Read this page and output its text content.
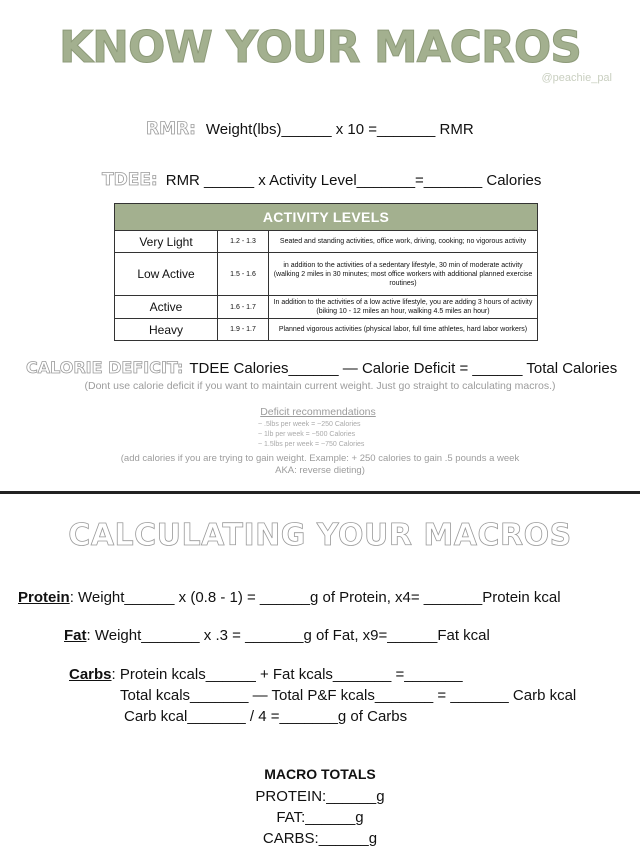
KNOW YOUR MACROS
@peachie_pal
RMR: Weight(lbs)______ x 10 =_______ RMR
TDEE: RMR ______ x Activity Level_______=_______ Calories
ACTIVITY LEVELS		
Very Light	1.2 - 1.3	Seated and standing activities, office work, driving, cooking; no vigorous activity
Low Active	1.5 - 1.6	in addition to the activities of a sedentary lifestyle, 30 min of moderate activity (walking 2 miles in 30 minutes; most office workers with additional planned exercise routines)
Active	1.6 - 1.7	In addition to the activities of a low active lifestyle, you are adding 3 hours of activity (biking 10 - 12 miles an hour, walking 4.5 miles an hour)
Heavy	1.9 - 1.7	Planned vigorous activities (physical labor, full time athletes, hard labor workers)
CALORIE DEFICIT: TDEE Calories______ — Calorie Deficit = ______ Total Calories
(Dont use calorie deficit if you want to maintain current weight. Just go straight to calculating macros.)
Deficit recommendations
~ .5lbs per week = ~250 Calories
~ 1lb per week = ~500 Calories
~ 1.5lbs per week = ~750 Calories
(add calories if you are trying to gain weight. Example: + 250 calories to gain .5 pounds a week
AKA: reverse dieting)
CALCULATING YOUR MACROS
Protein: Weight______ x (0.8 - 1) = ______g of Protein, x4= _______Protein kcal
Fat: Weight_______ x .3 = _______g of Fat, x9=______Fat kcal
Carbs: Protein kcals______ + Fat kcals_______ =_______
Total kcals_______ — Total P&F kcals_______ = _______ Carb kcal
Carb kcal_______ / 4 =_______g of Carbs
MACRO TOTALS
PROTEIN:______g
FAT:______g
CARBS:______g
